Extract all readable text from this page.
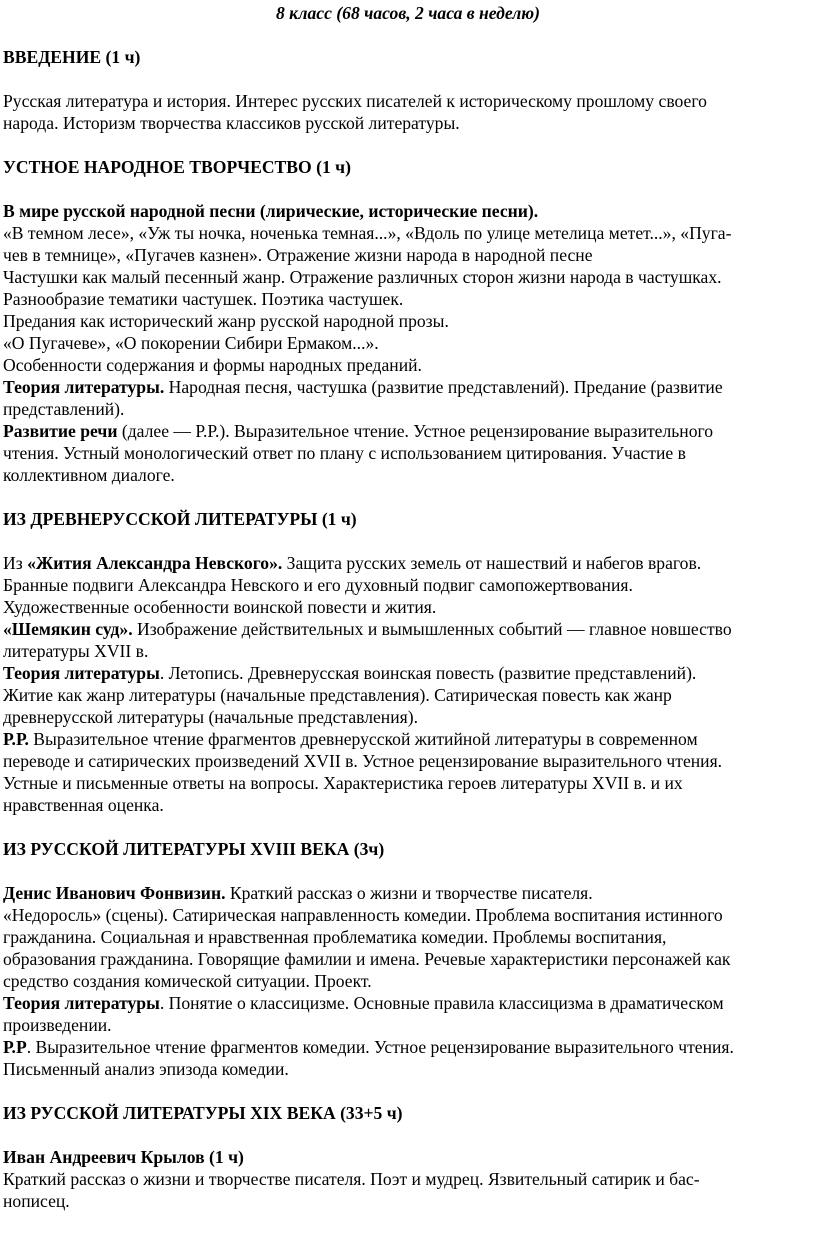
8 класс (68 часов, 2 часа в неделю)

ВВЕДЕНИЕ (1 ч)

Русская литература и история. Интерес русских писателей к историческому прошлому своего

народа. Историзм творчества классиков русской литературы.

УСТНОЕ НАРОДНОЕ ТВОРЧЕСТВО (1 ч)

В мире русской народной песни (лирические, исторические песни).

«В темном лесе», «Уж ты ночка, ноченька темная...», «Вдоль по улице метелица метет...», «Пуга-

чев в темнице», «Пугачев казнен». Отражение жизни народа в народной песне

Частушки как малый песенный жанр. Отражение различных сторон жизни народа в частушках.

Разнообразие тематики частушек. Поэтика частушек.

Предания как исторический жанр русской народной прозы.

«О Пугачеве», «О покорении Сибири Ермаком...».

Особенности содержания и формы народных преданий.

Теория литературы. Народная песня, частушка (развитие представлений). Предание (развитие

представлений).

Развитие речи (далее — Р.Р.). Выразительное чтение. Устное рецензирование выразительного

чтения. Устный монологический ответ по плану с использованием цитирования. Участие в

коллективном диалоге.

ИЗ ДРЕВНЕРУССКОЙ ЛИТЕРАТУРЫ (1 ч)

Из «Жития Александра Невского». Защита русских земель от нашествий и набегов врагов.

Бранные подвиги Александра Невского и его духовный подвиг самопожертвования.

Художественные особенности воинской повести и жития.

«Шемякин суд». Изображение действительных и вымышленных событий — главное новшество

литературы XVII в.

Теория литературы. Летопись. Древнерусская воинская повесть (развитие представлений).

Житие как жанр литературы (начальные представления). Сатирическая повесть как жанр

древнерусской литературы (начальные представления).

Р.Р. Выразительное чтение фрагментов древнерусской житийной литературы в современном

переводе и сатирических произведений XVII в. Устное рецензирование выразительного чтения.

Устные и письменные ответы на вопросы. Характеристика героев литературы XVII в. и их

нравственная оценка.

ИЗ РУССКОЙ ЛИТЕРАТУРЫ XVIII ВЕКА (3ч)

Денис Иванович Фонвизин. Краткий рассказ о жизни и творчестве писателя.

«Недоросль» (сцены). Сатирическая направленность комедии. Проблема воспитания истинного

гражданина. Социальная и нравственная проблематика комедии. Проблемы воспитания,

образования гражданина. Говорящие фамилии и имена. Речевые характеристики персонажей как

средство создания комической ситуации. Проект.

Теория литературы. Понятие о классицизме. Основные правила классицизма в драматическом

произведении.

Р.Р. Выразительное чтение фрагментов комедии. Устное рецензирование выразительного чтения.

Письменный анализ эпизода комедии.

ИЗ РУССКОЙ ЛИТЕРАТУРЫ XIX ВЕКА (33+5 ч)

Иван Андреевич Крылов (1 ч)

Краткий рассказ о жизни и творчестве писателя. Поэт и мудрец. Язвительный сатирик и бас-

нописец.
